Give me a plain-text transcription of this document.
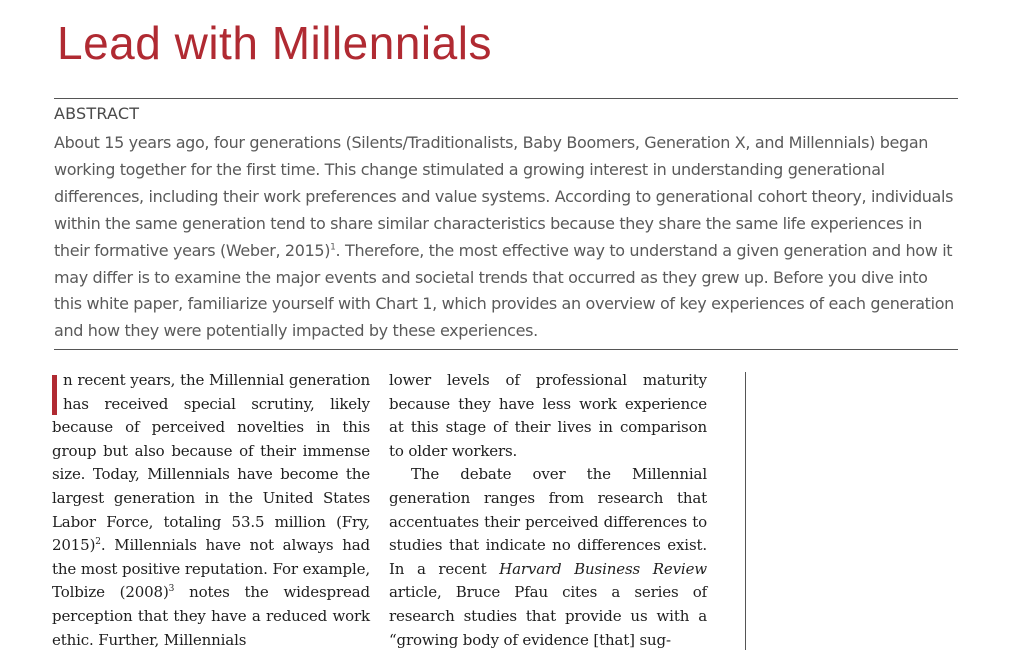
Lead with Millennials
ABSTRACT
About 15 years ago, four generations (Silents/Traditionalists, Baby Boomers, Generation X, and Millennials) began working together for the first time. This change stimulated a growing interest in understanding generational differences, including their work preferences and value systems. According to generational cohort theory, individuals within the same generation tend to share similar characteristics because they share the same life experiences in their formative years (Weber, 2015)$^1$. Therefore, the most effective way to understand a given generation and how it may differ is to examine the major events and societal trends that occurred as they grew up. Before you dive into this white paper, familiarize yourself with Chart 1, which provides an overview of key experiences of each generation and how they were potentially impacted by these experiences.

n recent years, the Millennial generation has received special scrutiny, likely because of perceived novelties in this group but also because of their immense size. Today, Millennials have become the largest generation in the United States Labor Force, totaling 53.5 million (Fry, 2015)$^2$. Millennials have not always had the most positive reputation. For example, Tolbize $(2008)^3$ notes the widespread perception that they have a reduced work ethic. Further, Millennials

lower levels of professional maturity because they have less work experience at this stage of their lives in comparison to older workers.

The debate over the Millennial generation ranges from research that accentuates their perceived differences to studies that indicate no differences exist. In a recent Harvard Business Review article, Bruce Pfau cites a series of research studies that provide us with a “growing body of evidence [that] sug-
